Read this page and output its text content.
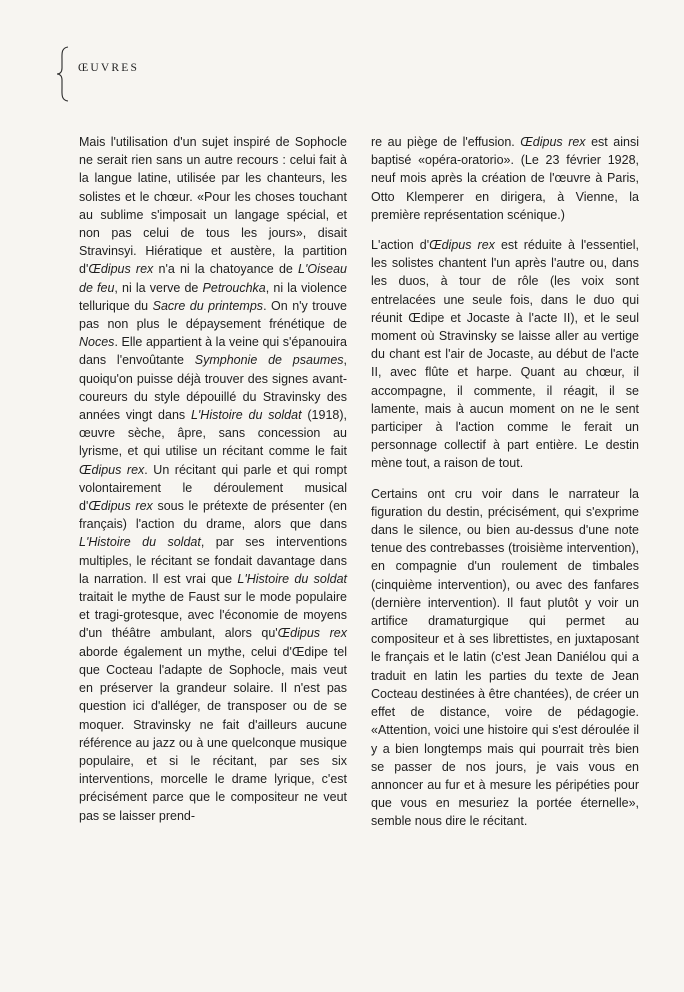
ŒUVRES

Mais l'utilisation d'un sujet inspiré de Sophocle ne serait rien sans un autre recours : celui fait à la langue latine, utilisée par les chanteurs, les solistes et le chœur. «Pour les choses touchant au sublime s'imposait un langage spécial, et non pas celui de tous les jours», disait Stravinsyi. Hiératique et austère, la partition d'Œdipus rex n'a ni la chatoyance de L'Oiseau de feu, ni la verve de Petrouchka, ni la violence tellurique du Sacre du printemps. On n'y trouve pas non plus le dépaysement frénétique de Noces. Elle appartient à la veine qui s'épanouira dans l'envoûtante Symphonie de psaumes, quoiqu'on puisse déjà trouver des signes avant-coureurs du style dépouillé du Stravinsky des années vingt dans L'Histoire du soldat (1918), œuvre sèche, âpre, sans concession au lyrisme, et qui utilise un récitant comme le fait Œdipus rex. Un récitant qui parle et qui rompt volontairement le déroulement musical d'Œdipus rex sous le prétexte de présenter (en français) l'action du drame, alors que dans L'Histoire du soldat, par ses interventions multiples, le récitant se fondait davantage dans la narration. Il est vrai que L'Histoire du soldat traitait le mythe de Faust sur le mode populaire et tragi-grotesque, avec l'économie de moyens d'un théâtre ambulant, alors qu'Œdipus rex aborde également un mythe, celui d'Œdipe tel que Cocteau l'adapte de Sophocle, mais veut en préserver la grandeur solaire. Il n'est pas question ici d'alléger, de transposer ou de se moquer. Stravinsky ne fait d'ailleurs aucune référence au jazz ou à une quelconque musique populaire, et si le récitant, par ses six interventions, morcelle le drame lyrique, c'est précisément parce que le compositeur ne veut pas se laisser prend-

re au piège de l'effusion. Œdipus rex est ainsi baptisé «opéra-oratorio». (Le 23 février 1928, neuf mois après la création de l'œuvre à Paris, Otto Klemperer en dirigera, à Vienne, la première représentation scénique.)

L'action d'Œdipus rex est réduite à l'essentiel, les solistes chantent l'un après l'autre ou, dans les duos, à tour de rôle (les voix sont entrelacées une seule fois, dans le duo qui réunit Œdipe et Jocaste à l'acte II), et le seul moment où Stravinsky se laisse aller au vertige du chant est l'air de Jocaste, au début de l'acte II, avec flûte et harpe. Quant au chœur, il accompagne, il commente, il réagit, il se lamente, mais à aucun moment on ne le sent participer à l'action comme le ferait un personnage collectif à part entière. Le destin mène tout, a raison de tout.

Certains ont cru voir dans le narrateur la figuration du destin, précisément, qui s'exprime dans le silence, ou bien au-dessus d'une note tenue des contrebasses (troisième intervention), en compagnie d'un roulement de timbales (cinquième intervention), ou avec des fanfares (dernière intervention). Il faut plutôt y voir un artifice dramaturgique qui permet au compositeur et à ses librettistes, en juxtaposant le français et le latin (c'est Jean Daniélou qui a traduit en latin les parties du texte de Jean Cocteau destinées à être chantées), de créer un effet de distance, voire de pédagogie. «Attention, voici une histoire qui s'est déroulée il y a bien longtemps mais qui pourrait très bien se passer de nos jours, je vais vous en annoncer au fur et à mesure les péripéties pour que vous en mesuriez la portée éternelle», semble nous dire le récitant.
